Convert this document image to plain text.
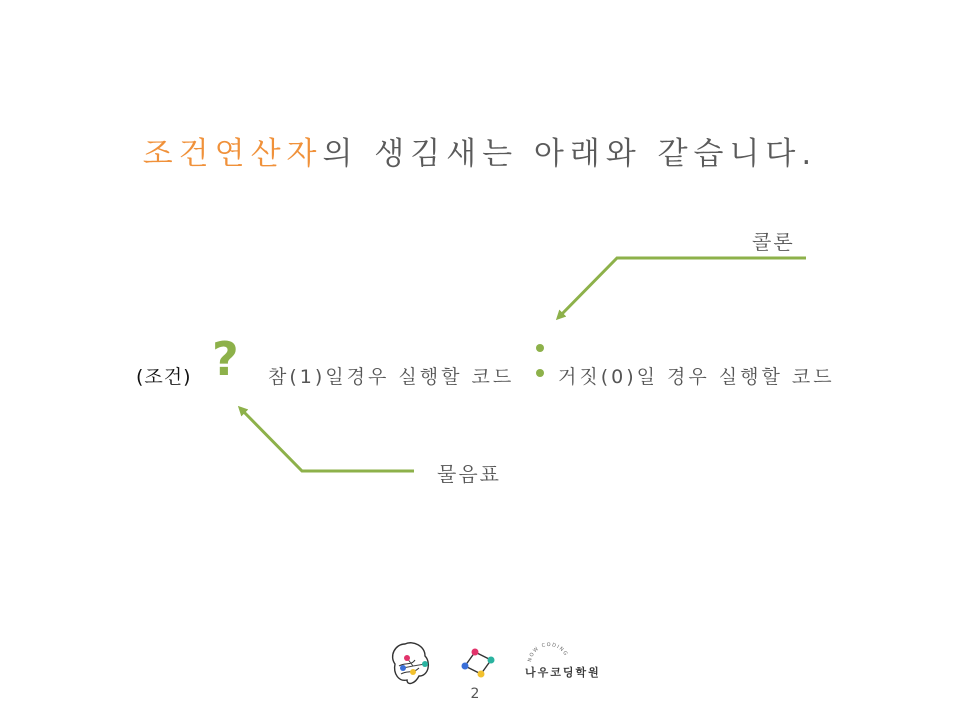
조건연산자의 생김새는 아래와 같습니다.
(조건) ? 참(1)일경우 실행할 코드 거짓(0)일 경우 실행할 코드
콜론
물음표
NOW CODING
나우코딩학원
2
